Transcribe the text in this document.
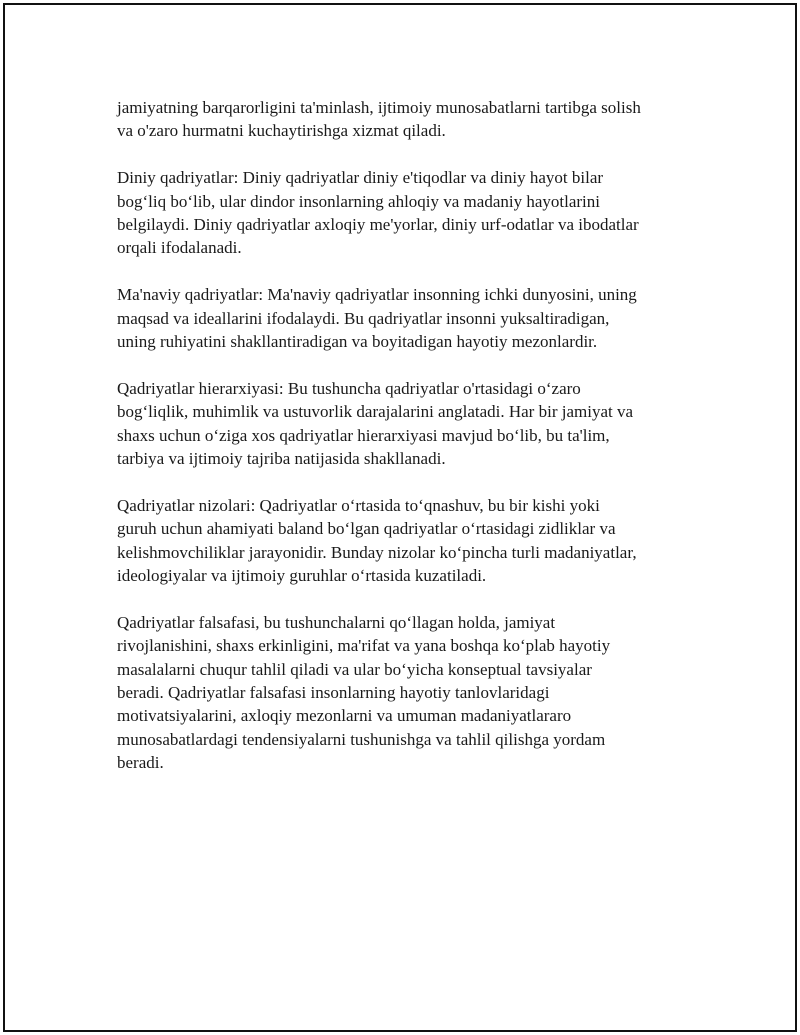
jamiyatning barqarorligini ta'minlash, ijtimoiy munosabatlarni tartibga solish
va o'zaro hurmatni kuchaytirishga xizmat qiladi.

Diniy qadriyatlar: Diniy qadriyatlar diniy e'tiqodlar va diniy hayot bilar
bog‘liq bo‘lib, ular dindor insonlarning ahloqiy va madaniy hayotlarini
belgilaydi. Diniy qadriyatlar axloqiy me'yorlar, diniy urf-odatlar va ibodatlar
orqali ifodalanadi.

Ma'naviy qadriyatlar: Ma'naviy qadriyatlar insonning ichki dunyosini, uning
maqsad va ideallarini ifodalaydi. Bu qadriyatlar insonni yuksaltiradigan,
uning ruhiyatini shakllantiradigan va boyitadigan hayotiy mezonlardir.

Qadriyatlar hierarxiyasi: Bu tushuncha qadriyatlar o'rtasidagi o‘zaro
bog‘liqlik, muhimlik va ustuvorlik darajalarini anglatadi. Har bir jamiyat va
shaxs uchun o‘ziga xos qadriyatlar hierarxiyasi mavjud bo‘lib, bu ta'lim,
tarbiya va ijtimoiy tajriba natijasida shakllanadi.

Qadriyatlar nizolari: Qadriyatlar o‘rtasida to‘qnashuv, bu bir kishi yoki
guruh uchun ahamiyati baland bo‘lgan qadriyatlar o‘rtasidagi zidliklar va
kelishmovchiliklar jarayonidir. Bunday nizolar ko‘pincha turli madaniyatlar,
ideologiyalar va ijtimoiy guruhlar o‘rtasida kuzatiladi.

Qadriyatlar falsafasi, bu tushunchalarni qo‘llagan holda, jamiyat
rivojlanishini, shaxs erkinligini, ma'rifat va yana boshqa ko‘plab hayotiy
masalalarni chuqur tahlil qiladi va ular bo‘yicha konseptual tavsiyalar
beradi. Qadriyatlar falsafasi insonlarning hayotiy tanlovlaridagi
motivatsiyalarini, axloqiy mezonlarni va umuman madaniyatlararo
munosabatlardagi tendensiyalarni tushunishga va tahlil qilishga yordam
beradi.
